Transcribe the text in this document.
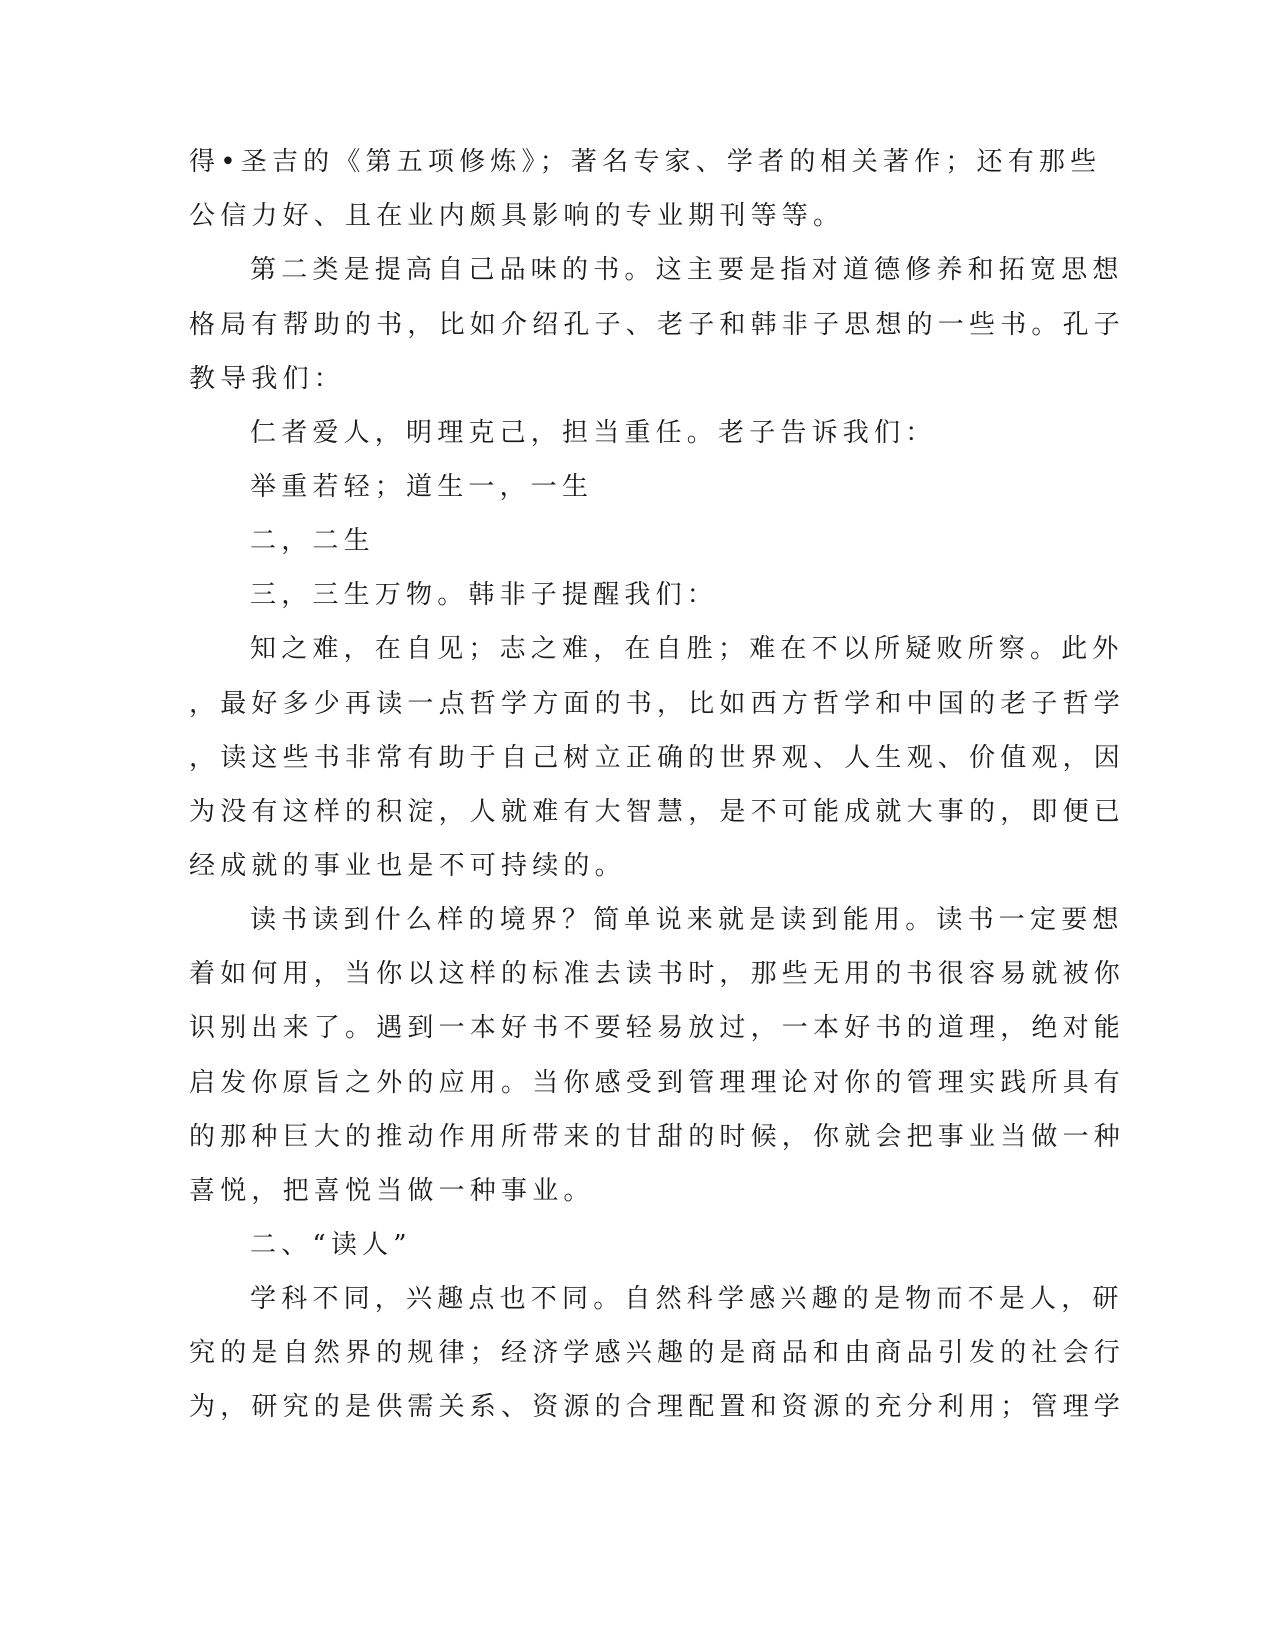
得•圣吉的《第五项修炼》；著名专家、学者的相关著作；还有那些
公信力好、且在业内颇具影响的专业期刊等等。
第二类是提高自己品味的书。这主要是指对道德修养和拓宽思想
格局有帮助的书，比如介绍孔子、老子和韩非子思想的一些书。孔子
教导我们：
仁者爱人，明理克己，担当重任。老子告诉我们：
举重若轻；道生一，一生
二，二生
三，三生万物。韩非子提醒我们：
知之难，在自见；志之难，在自胜；难在不以所疑败所察。此外
，最好多少再读一点哲学方面的书，比如西方哲学和中国的老子哲学
，读这些书非常有助于自己树立正确的世界观、人生观、价值观，因
为没有这样的积淀，人就难有大智慧，是不可能成就大事的，即便已
经成就的事业也是不可持续的。
读书读到什么样的境界？简单说来就是读到能用。读书一定要想
着如何用，当你以这样的标准去读书时，那些无用的书很容易就被你
识别出来了。遇到一本好书不要轻易放过，一本好书的道理，绝对能
启发你原旨之外的应用。当你感受到管理理论对你的管理实践所具有
的那种巨大的推动作用所带来的甘甜的时候，你就会把事业当做一种
喜悦，把喜悦当做一种事业。
二、“读人”
学科不同，兴趣点也不同。自然科学感兴趣的是物而不是人，研
究的是自然界的规律；经济学感兴趣的是商品和由商品引发的社会行
为，研究的是供需关系、资源的合理配置和资源的充分利用；管理学
